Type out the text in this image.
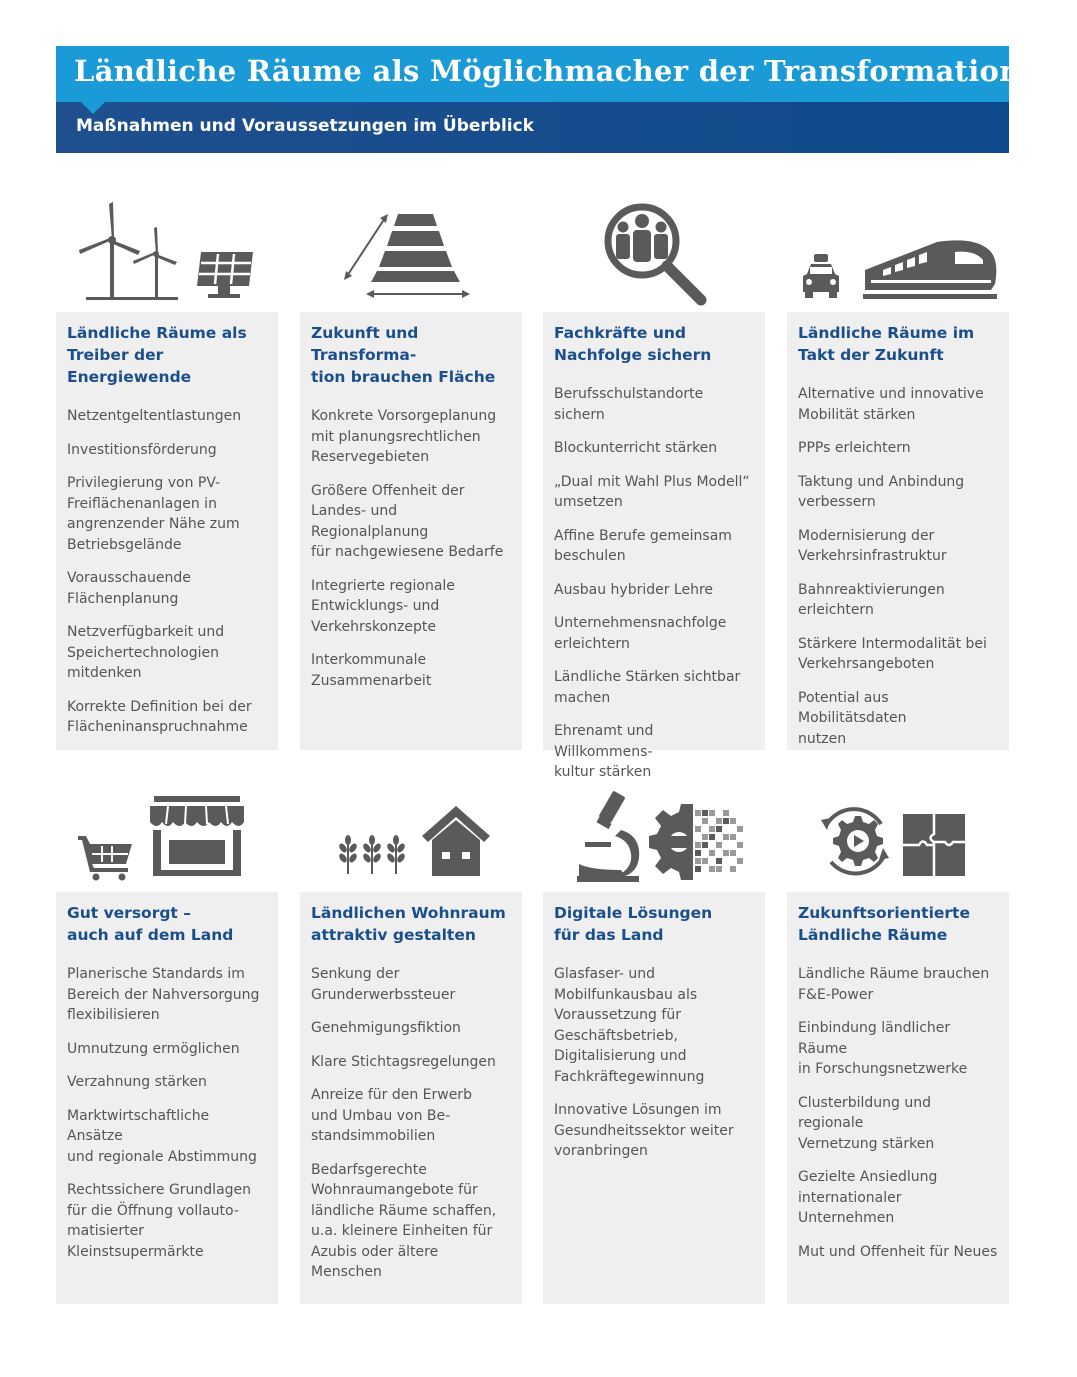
Ländliche Räume als Möglichmacher der Transformation

Maßnahmen und Voraussetzungen im Überblick

Ländliche Räume als
Treiber der Energiewende
Netzentgeltentlastungen
Investitionsförderung
Privilegierung von PV-
Freiflächenanlagen in
angrenzender Nähe zum
Betriebsgelände
Vorausschauende
Flächenplanung
Netzverfügbarkeit und
Speichertechnologien
mitdenken
Korrekte Definition bei der
Flächeninanspruchnahme
Zukunft und Transforma-
tion brauchen Fläche
Konkrete Vorsorgeplanung
mit planungsrechtlichen
Reservegebieten
Größere Offenheit der
Landes- und Regionalplanung
für nachgewiesene Bedarfe
Integrierte regionale
Entwicklungs- und
Verkehrskonzepte
Interkommunale
Zusammenarbeit
Fachkräfte und
Nachfolge sichern
Berufsschulstandorte sichern
Blockunterricht stärken
„Dual mit Wahl Plus Modell“
umsetzen
Affine Berufe gemeinsam
beschulen
Ausbau hybrider Lehre
Unternehmensnachfolge
erleichtern
Ländliche Stärken sichtbar
machen
Ehrenamt und Willkommens-
kultur stärken
Ländliche Räume im
Takt der Zukunft
Alternative und innovative
Mobilität stärken
PPPs erleichtern
Taktung und Anbindung
verbessern
Modernisierung der
Verkehrsinfrastruktur
Bahnreaktivierungen
erleichtern
Stärkere Intermodalität bei
Verkehrsangeboten
Potential aus Mobilitätsdaten
nutzen
Gut versorgt –
auch auf dem Land
Planerische Standards im
Bereich der Nahversorgung
flexibilisieren
Umnutzung ermöglichen
Verzahnung stärken
Marktwirtschaftliche Ansätze
und regionale Abstimmung
Rechtssichere Grundlagen
für die Öffnung vollauto-
matisierter Kleinstsupermärkte
Ländlichen Wohnraum
attraktiv gestalten
Senkung der
Grunderwerbssteuer
Genehmigungsfiktion
Klare Stichtagsregelungen
Anreize für den Erwerb
und Umbau von Be-
standsimmobilien
Bedarfsgerechte
Wohnraumangebote für
ländliche Räume schaffen,
u.a. kleinere Einheiten für
Azubis oder ältere Menschen
Digitale Lösungen
für das Land
Glasfaser- und
Mobilfunkausbau als
Voraussetzung für
Geschäftsbetrieb,
Digitalisierung und
Fachkräftegewinnung
Innovative Lösungen im
Gesundheitssektor weiter
voranbringen
Zukunftsorientierte
Ländliche Räume
Ländliche Räume brauchen
F&E-Power
Einbindung ländlicher Räume
in Forschungsnetzwerke
Clusterbildung und regionale
Vernetzung stärken
Gezielte Ansiedlung
internationaler Unternehmen
Mut und Offenheit für Neues
